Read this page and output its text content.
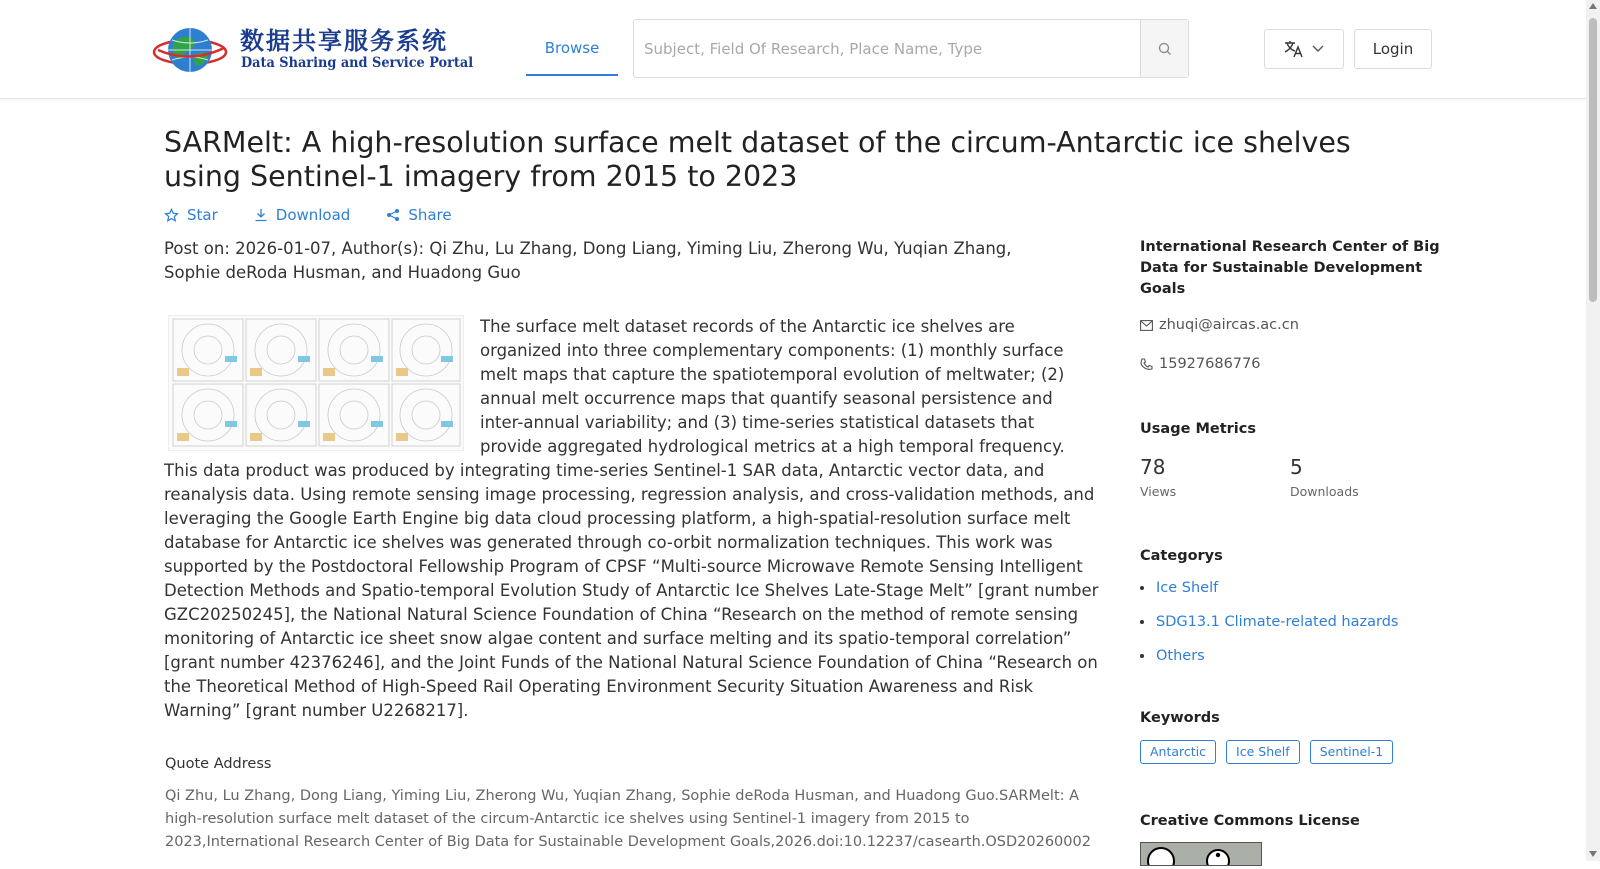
数据共享服务系统
Data Sharing and Service Portal
Browse
Subject, Field Of Research, Place Name, Type	Login
SARMelt: A high-resolution surface melt dataset of the circum-Antarctic ice shelves using Sentinel-1 imagery from 2015 to 2023
Star	Download	Share
Post on: 2026-01-07, Author(s): Qi Zhu, Lu Zhang, Dong Liang, Yiming Liu, Zherong Wu, Yuqian Zhang, Sophie deRoda Husman, and Huadong Guo
The surface melt dataset records of the Antarctic ice shelves are organized into three complementary components: (1) monthly surface melt maps that capture the spatiotemporal evolution of meltwater; (2) annual melt occurrence maps that quantify seasonal persistence and inter-annual variability; and (3) time-series statistical datasets that provide aggregated hydrological metrics at a high temporal frequency. This data product was produced by integrating time-series Sentinel-1 SAR data, Antarctic vector data, and reanalysis data. Using remote sensing image processing, regression analysis, and cross-validation methods, and leveraging the Google Earth Engine big data cloud processing platform, a high-spatial-resolution surface melt database for Antarctic ice shelves was generated through co-orbit normalization techniques. This work was supported by the Postdoctoral Fellowship Program of CPSF “Multi-source Microwave Remote Sensing Intelligent Detection Methods and Spatio-temporal Evolution Study of Antarctic Ice Shelves Late-Stage Melt” [grant number GZC20250245], the National Natural Science Foundation of China “Research on the method of remote sensing monitoring of Antarctic ice sheet snow algae content and surface melting and its spatio-temporal correlation” [grant number 42376246], and the Joint Funds of the National Natural Science Foundation of China “Research on the Theoretical Method of High-Speed Rail Operating Environment Security Situation Awareness and Risk Warning” [grant number U2268217].
Quote Address
Qi Zhu, Lu Zhang, Dong Liang, Yiming Liu, Zherong Wu, Yuqian Zhang, Sophie deRoda Husman, and Huadong Guo.SARMelt: A high-resolution surface melt dataset of the circum-Antarctic ice shelves using Sentinel-1 imagery from 2015 to 2023,International Research Center of Big Data for Sustainable Development Goals,2026.doi:10.12237/casearth.OSD20260002
International Research Center of Big Data for Sustainable Development Goals
zhuqi@aircas.ac.cn
15927686776
Usage Metrics
78
Views
5
Downloads
Categorys
Ice Shelf
SDG13.1 Climate-related hazards
Others
Keywords
Antarctic	Ice Shelf	Sentinel-1
Creative Commons License
